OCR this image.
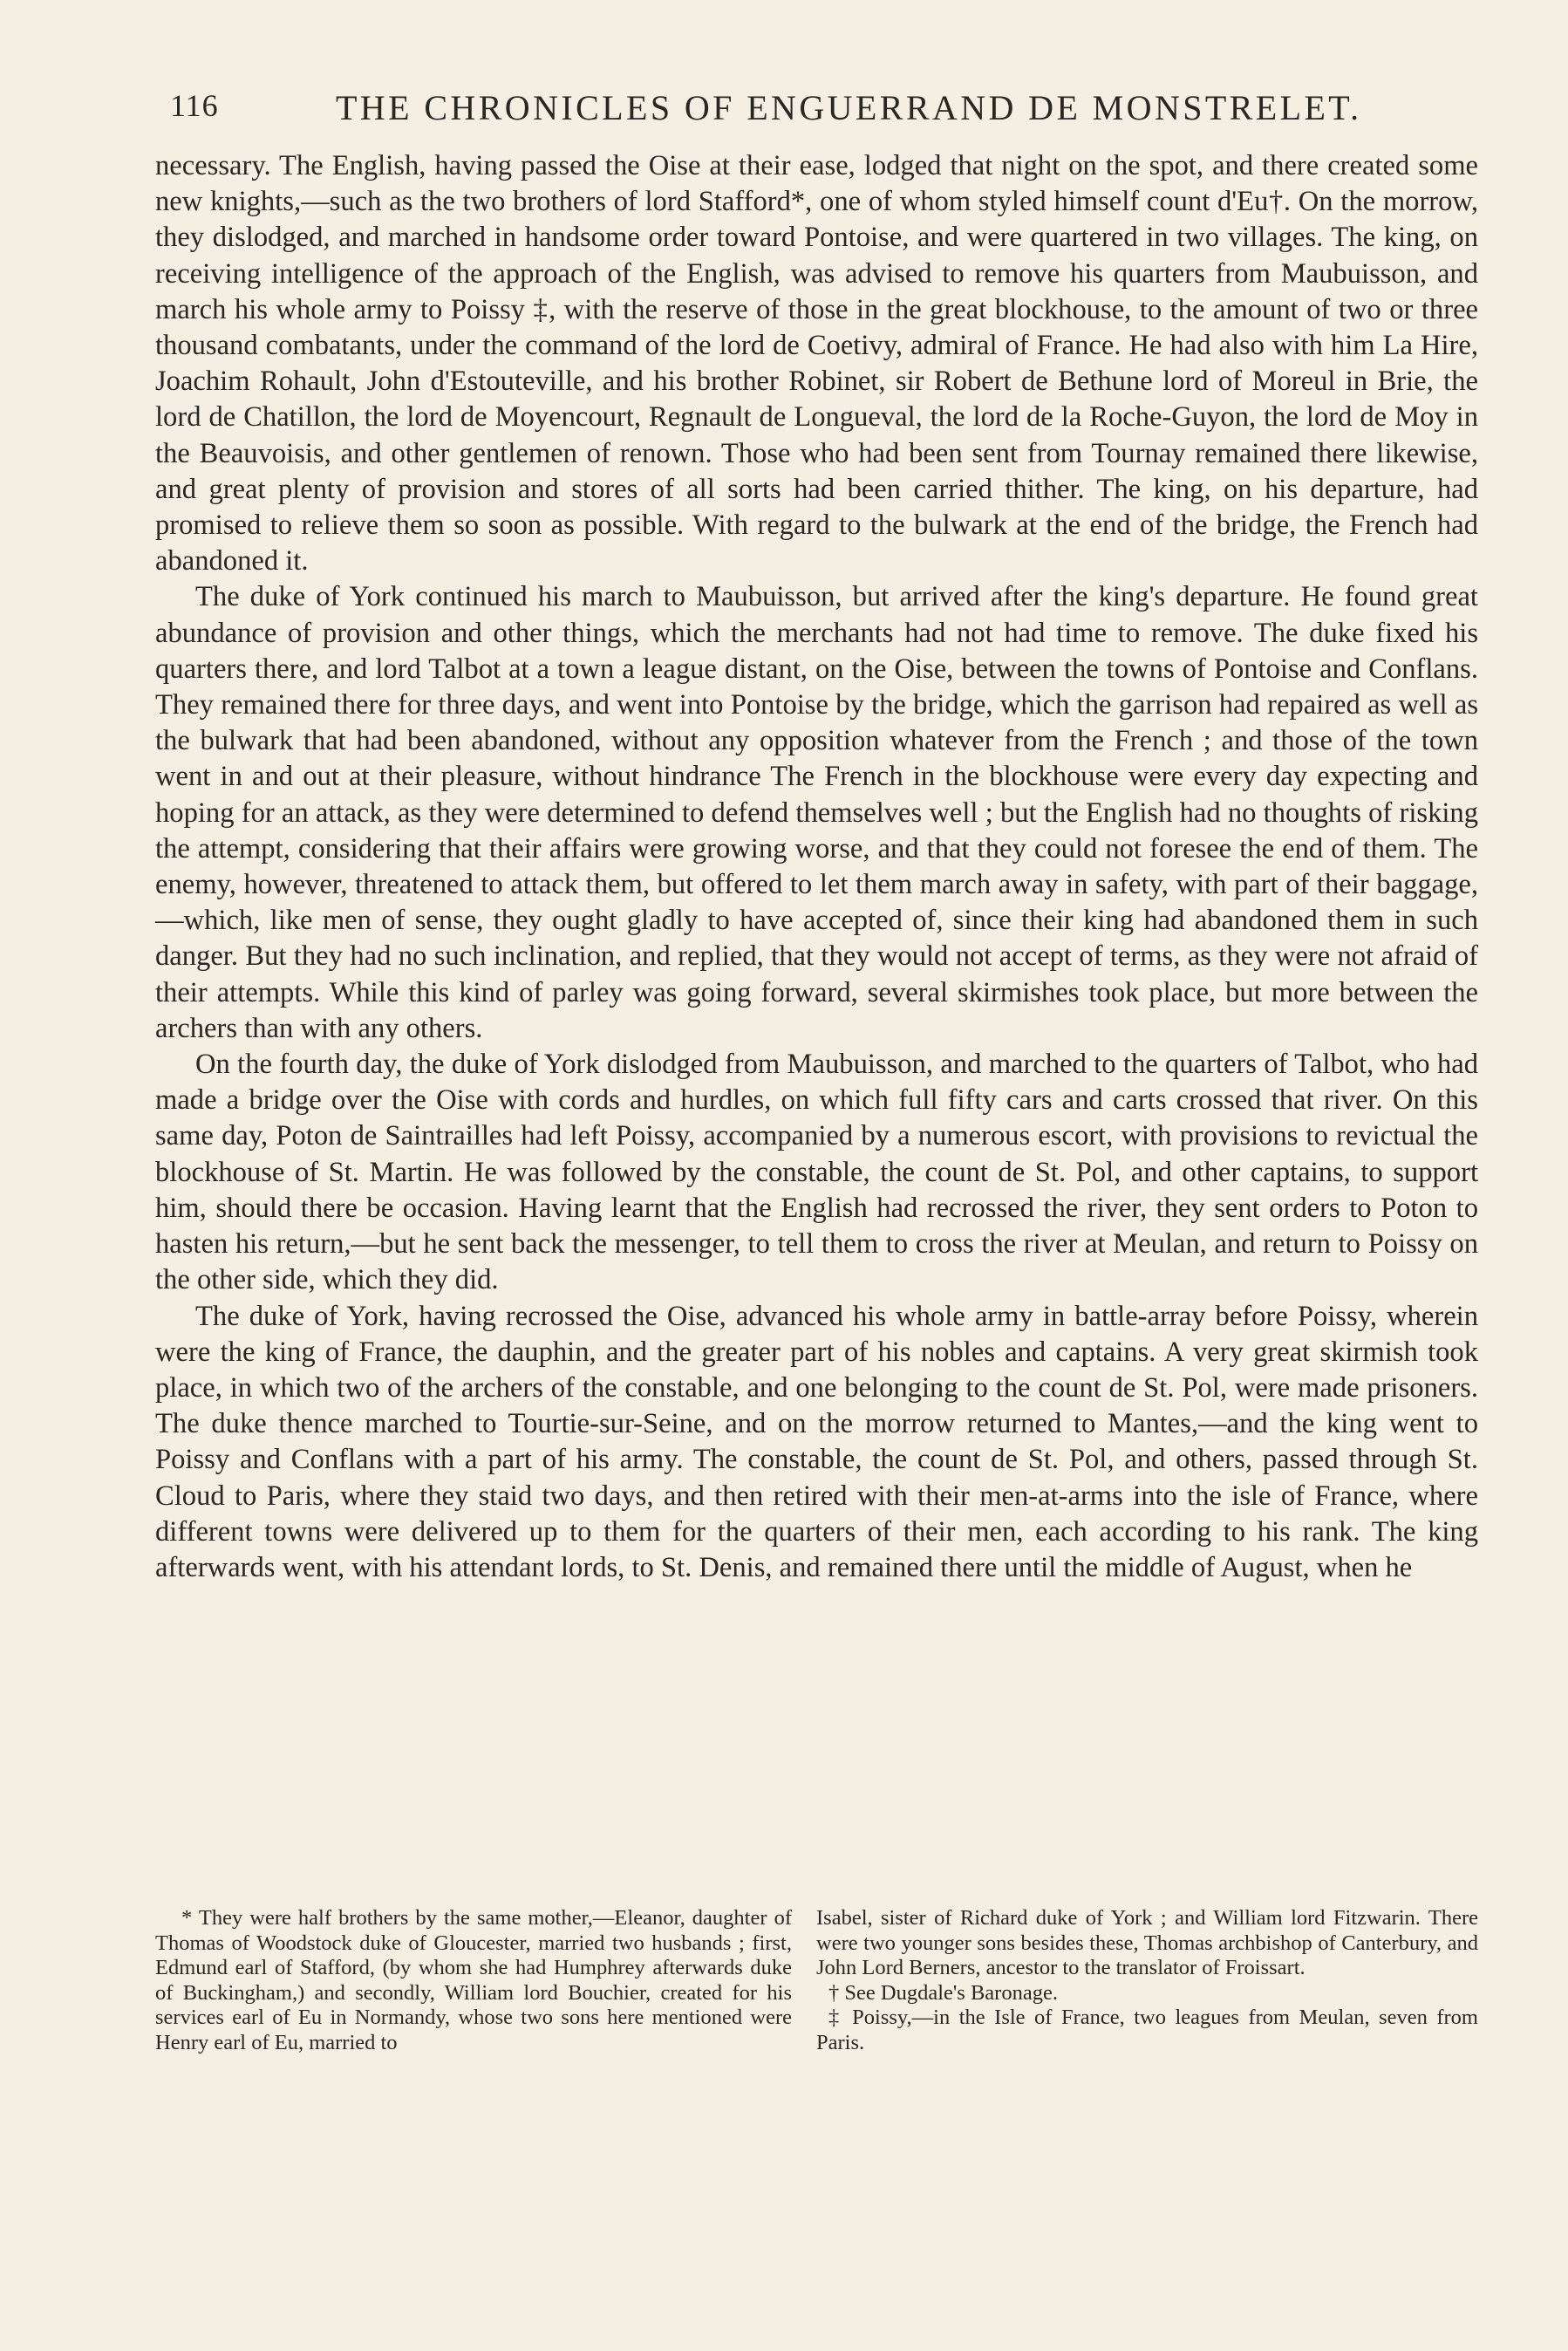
116	THE CHRONICLES OF ENGUERRAND DE MONSTRELET.

necessary. The English, having passed the Oise at their ease, lodged that night on the spot, and there created some new knights,—such as the two brothers of lord Stafford*, one of whom styled himself count d'Eu†. On the morrow, they dislodged, and marched in handsome order toward Pontoise, and were quartered in two villages. The king, on receiving intelligence of the approach of the English, was advised to remove his quarters from Maubuisson, and march his whole army to Poissy ‡, with the reserve of those in the great blockhouse, to the amount of two or three thousand combatants, under the command of the lord de Coetivy, admiral of France. He had also with him La Hire, Joachim Rohault, John d'Estouteville, and his brother Robinet, sir Robert de Bethune lord of Moreul in Brie, the lord de Chatillon, the lord de Moyencourt, Regnault de Longueval, the lord de la Roche-Guyon, the lord de Moy in the Beauvoisis, and other gentlemen of renown. Those who had been sent from Tournay remained there likewise, and great plenty of provision and stores of all sorts had been carried thither. The king, on his departure, had promised to relieve them so soon as possible. With regard to the bulwark at the end of the bridge, the French had abandoned it.

The duke of York continued his march to Maubuisson, but arrived after the king's departure. He found great abundance of provision and other things, which the merchants had not had time to remove. The duke fixed his quarters there, and lord Talbot at a town a league distant, on the Oise, between the towns of Pontoise and Conflans. They remained there for three days, and went into Pontoise by the bridge, which the garrison had repaired as well as the bulwark that had been abandoned, without any opposition whatever from the French ; and those of the town went in and out at their pleasure, without hindrance The French in the blockhouse were every day expecting and hoping for an attack, as they were determined to defend themselves well ; but the English had no thoughts of risking the attempt, considering that their affairs were growing worse, and that they could not foresee the end of them. The enemy, however, threatened to attack them, but offered to let them march away in safety, with part of their baggage,—which, like men of sense, they ought gladly to have accepted of, since their king had abandoned them in such danger. But they had no such inclination, and replied, that they would not accept of terms, as they were not afraid of their attempts. While this kind of parley was going forward, several skirmishes took place, but more between the archers than with any others.

On the fourth day, the duke of York dislodged from Maubuisson, and marched to the quarters of Talbot, who had made a bridge over the Oise with cords and hurdles, on which full fifty cars and carts crossed that river. On this same day, Poton de Saintrailles had left Poissy, accompanied by a numerous escort, with provisions to revictual the blockhouse of St. Martin. He was followed by the constable, the count de St. Pol, and other captains, to support him, should there be occasion. Having learnt that the English had recrossed the river, they sent orders to Poton to hasten his return,—but he sent back the messenger, to tell them to cross the river at Meulan, and return to Poissy on the other side, which they did.

The duke of York, having recrossed the Oise, advanced his whole army in battle-array before Poissy, wherein were the king of France, the dauphin, and the greater part of his nobles and captains. A very great skirmish took place, in which two of the archers of the constable, and one belonging to the count de St. Pol, were made prisoners. The duke thence marched to Tourtie-sur-Seine, and on the morrow returned to Mantes,—and the king went to Poissy and Conflans with a part of his army. The constable, the count de St. Pol, and others, passed through St. Cloud to Paris, where they staid two days, and then retired with their men-at-arms into the isle of France, where different towns were delivered up to them for the quarters of their men, each according to his rank. The king afterwards went, with his attendant lords, to St. Denis, and remained there until the middle of August, when he

* They were half brothers by the same mother,—Eleanor, daughter of Thomas of Woodstock duke of Gloucester, married two husbands ; first, Edmund earl of Stafford, (by whom she had Humphrey afterwards duke of Buckingham,) and secondly, William lord Bouchier, created for his services earl of Eu in Normandy, whose two sons here mentioned were Henry earl of Eu, married to

Isabel, sister of Richard duke of York ; and William lord Fitzwarin. There were two younger sons besides these, Thomas archbishop of Canterbury, and John Lord Berners, ancestor to the translator of Froissart.

† See Dugdale's Baronage.

‡ Poissy,—in the Isle of France, two leagues from Meulan, seven from Paris.
